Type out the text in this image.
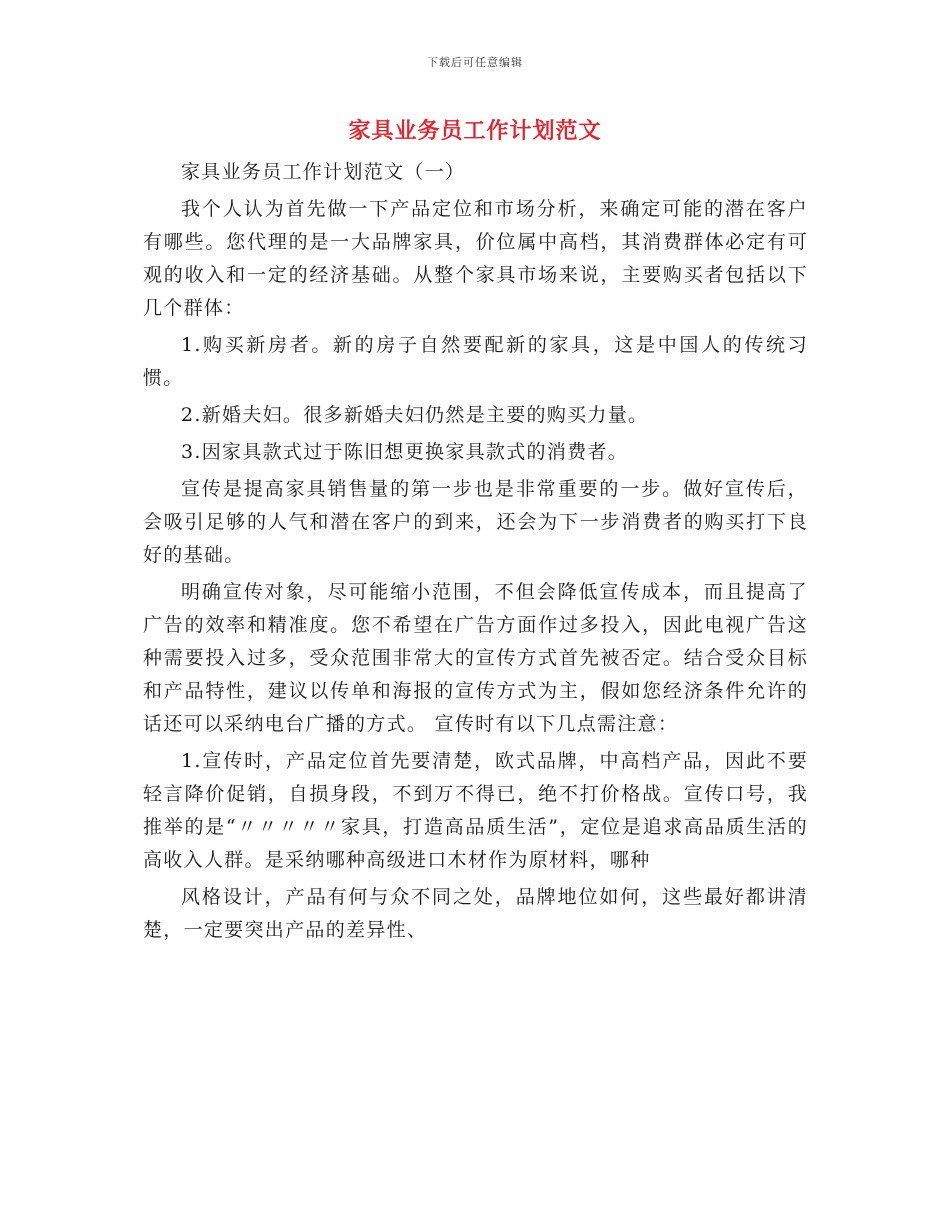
下载后可任意编辑
家具业务员工作计划范文

家具业务员工作计划范文（一）

我个人认为首先做一下产品定位和市场分析，来确定可能的潜在客户有哪些。您代理的是一大品牌家具，价位属中高档，其消费群体必定有可观的收入和一定的经济基础。从整个家具市场来说，主要购买者包括以下几个群体：

1.购买新房者。新的房子自然要配新的家具，这是中国人的传统习惯。

2.新婚夫妇。很多新婚夫妇仍然是主要的购买力量。

3.因家具款式过于陈旧想更换家具款式的消费者。

宣传是提高家具销售量的第一步也是非常重要的一步。做好宣传后，会吸引足够的人气和潜在客户的到来，还会为下一步消费者的购买打下良好的基础。

明确宣传对象，尽可能缩小范围，不但会降低宣传成本，而且提高了广告的效率和精准度。您不希望在广告方面作过多投入，因此电视广告这种需要投入过多，受众范围非常大的宣传方式首先被否定。结合受众目标和产品特性，建议以传单和海报的宣传方式为主，假如您经济条件允许的话还可以采纳电台广播的方式。 宣传时有以下几点需注意：

1.宣传时，产品定位首先要清楚，欧式品牌，中高档产品，因此不要轻言降价促销，自损身段，不到万不得已，绝不打价格战。宣传口号，我推举的是“〃〃〃〃〃家具，打造高品质生活”，定位是追求高品质生活的高收入人群。是采纳哪种高级进口木材作为原材料，哪种

风格设计，产品有何与众不同之处，品牌地位如何，这些最好都讲清楚，一定要突出产品的差异性、
